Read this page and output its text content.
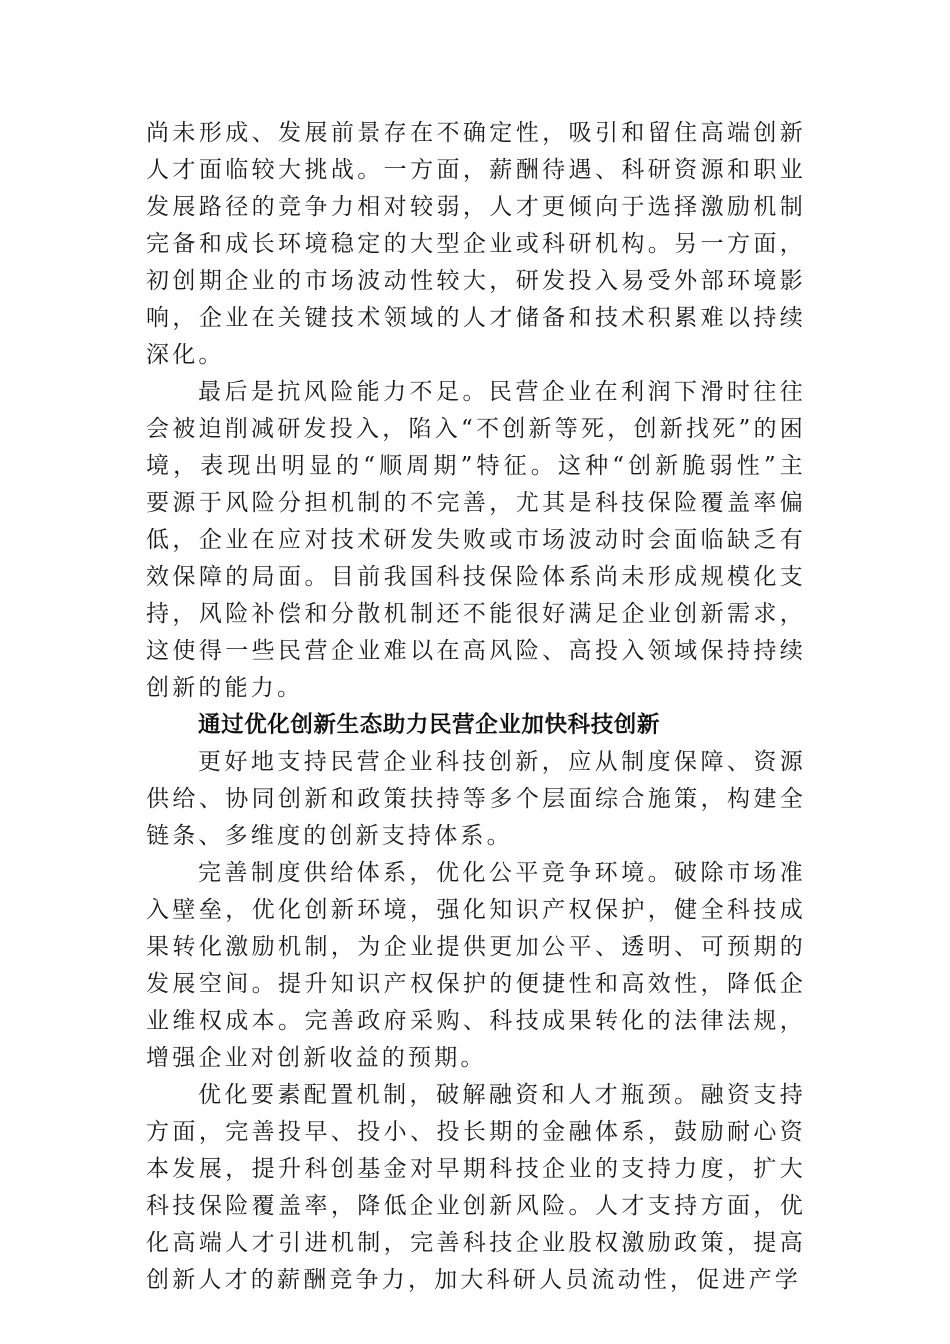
尚未形成、发展前景存在不确定性，吸引和留住高端创新人才面临较大挑战。一方面，薪酬待遇、科研资源和职业发展路径的竞争力相对较弱，人才更倾向于选择激励机制完备和成长环境稳定的大型企业或科研机构。另一方面，初创期企业的市场波动性较大，研发投入易受外部环境影响，企业在关键技术领域的人才储备和技术积累难以持续深化。

最后是抗风险能力不足。民营企业在利润下滑时往往会被迫削减研发投入，陷入“不创新等死，创新找死”的困境，表现出明显的“顺周期”特征。这种“创新脆弱性”主要源于风险分担机制的不完善，尤其是科技保险覆盖率偏低，企业在应对技术研发失败或市场波动时会面临缺乏有效保障的局面。目前我国科技保险体系尚未形成规模化支持，风险补偿和分散机制还不能很好满足企业创新需求，这使得一些民营企业难以在高风险、高投入领域保持持续创新的能力。

通过优化创新生态助力民营企业加快科技创新

更好地支持民营企业科技创新，应从制度保障、资源供给、协同创新和政策扶持等多个层面综合施策，构建全链条、多维度的创新支持体系。

完善制度供给体系，优化公平竞争环境。破除市场准入壁垒，优化创新环境，强化知识产权保护，健全科技成果转化激励机制，为企业提供更加公平、透明、可预期的发展空间。提升知识产权保护的便捷性和高效性，降低企业维权成本。完善政府采购、科技成果转化的法律法规，增强企业对创新收益的预期。

优化要素配置机制，破解融资和人才瓶颈。融资支持方面，完善投早、投小、投长期的金融体系，鼓励耐心资本发展，提升科创基金对早期科技企业的支持力度，扩大科技保险覆盖率，降低企业创新风险。人才支持方面，优化高端人才引进机制，完善科技企业股权激励政策，提高创新人才的薪酬竞争力，加大科研人员流动性，促进产学
